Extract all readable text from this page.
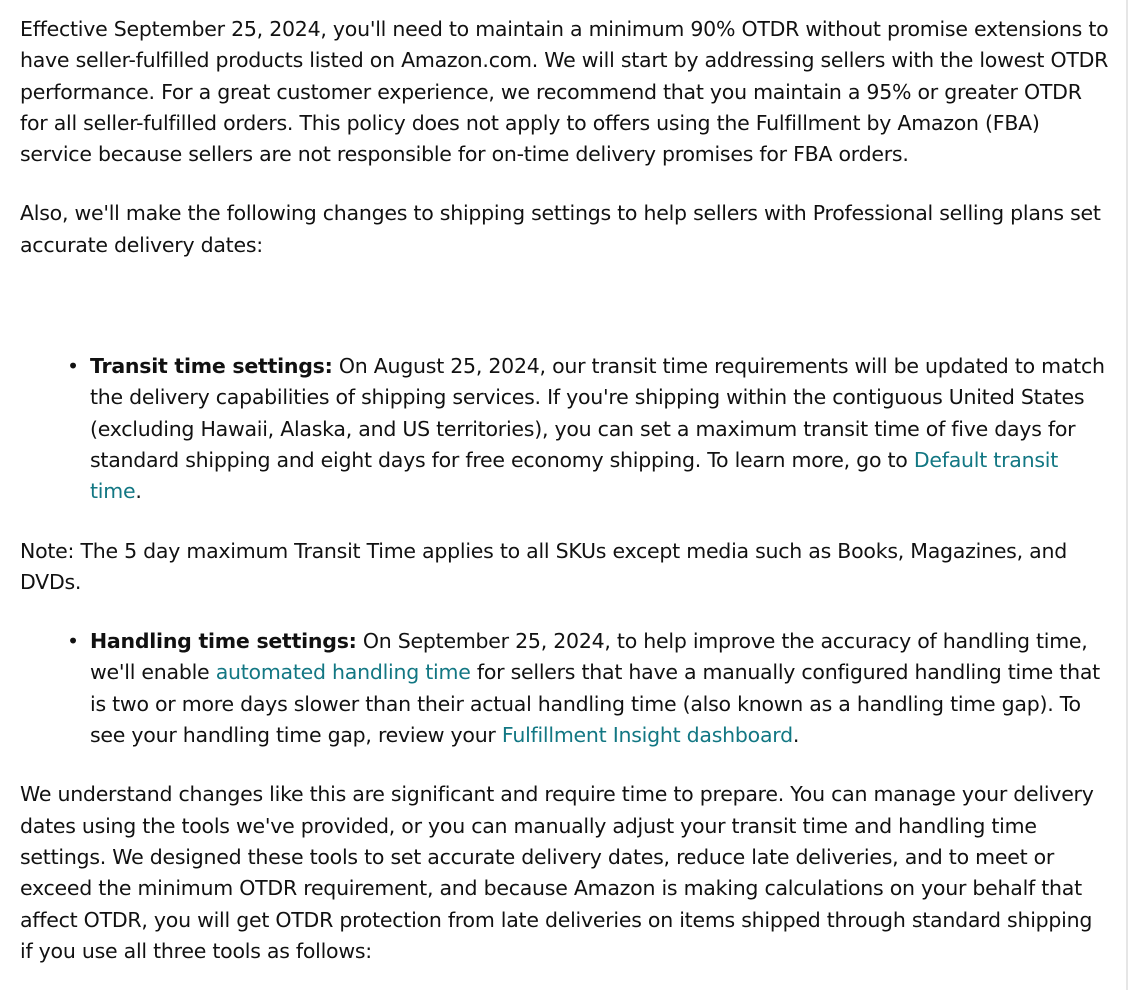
Effective September 25, 2024, you'll need to maintain a minimum 90% OTDR without promise extensions to have seller-fulfilled products listed on Amazon.com. We will start by addressing sellers with the lowest OTDR performance. For a great customer experience, we recommend that you maintain a 95% or greater OTDR for all seller-fulfilled orders. This policy does not apply to offers using the Fulfillment by Amazon (FBA) service because sellers are not responsible for on-time delivery promises for FBA orders.

Also, we'll make the following changes to shipping settings to help sellers with Professional selling plans set accurate delivery dates:

• Transit time settings: On August 25, 2024, our transit time requirements will be updated to match the delivery capabilities of shipping services. If you're shipping within the contiguous United States (excluding Hawaii, Alaska, and US territories), you can set a maximum transit time of five days for standard shipping and eight days for free economy shipping. To learn more, go to Default transit time.

Note: The 5 day maximum Transit Time applies to all SKUs except media such as Books, Magazines, and DVDs.

• Handling time settings: On September 25, 2024, to help improve the accuracy of handling time, we'll enable automated handling time for sellers that have a manually configured handling time that is two or more days slower than their actual handling time (also known as a handling time gap). To see your handling time gap, review your Fulfillment Insight dashboard.

We understand changes like this are significant and require time to prepare. You can manage your delivery dates using the tools we've provided, or you can manually adjust your transit time and handling time settings. We designed these tools to set accurate delivery dates, reduce late deliveries, and to meet or exceed the minimum OTDR requirement, and because Amazon is making calculations on your behalf that affect OTDR, you will get OTDR protection from late deliveries on items shipped through standard shipping if you use all three tools as follows:
